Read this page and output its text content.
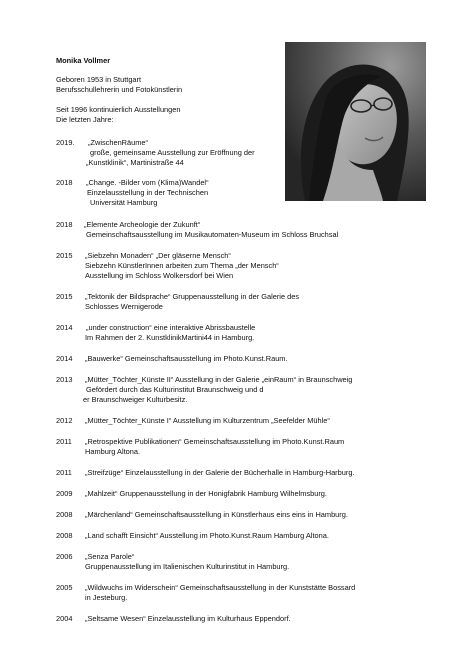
Monika Vollmer
Geboren 1953 in Stuttgart
Berufsschullehrerin und Fotokünstlerin
Seit 1996 kontinuierlich Ausstellungen
Die letzten Jahre:
2019. „ZwischenRäume“
große, gemeinsame Ausstellung zur Eröffnung der
„Kunstklinik“, Martinistraße 44
2018 „Change. -Bilder vom (Klima)Wandel“
Einzelausstellung in der Technischen
Universität Hamburg
2018 „Elemente Archeologie der Zukunft“
Gemeinschaftsausstellung im Musikautomaten-Museum im Schloss Bruchsal
2015 „Siebzehn Monaden“ „Der gläserne Mensch“
Siebzehn KünstlerInnen arbeiten zum Thema „der Mensch“
Ausstellung im Schloss Wolkersdorf bei Wien
2015 „Tektonik der Bildsprache“ Gruppenausstellung in der Galerie des
Schlosses Wernigerode
2014 „under construction“ eine interaktive Abrissbaustelle
Im Rahmen der 2. KunstklinikMartini44 in Hamburg.
2014 „Bauwerke“ Gemeinschaftsausstellung im Photo.Kunst.Raum.
2013 „Mütter_Töchter_Künste II“ Ausstellung in der Galerie „einRaum“ in Braunschweig
Gefördert durch das Kulturinstitut Braunschweig und d
er Braunschweiger Kulturbesitz.
2012 „Mütter_Töchter_Künste I“ Ausstellung im Kulturzentrum „Seefelder Mühle“
2011 „Retrospektive Publikationen“ Gemeinschaftsausstellung im Photo.Kunst.Raum
Hamburg Altona.
2011 „Streifzüge“ Einzelausstellung in der Galerie der Bücherhalle in Hamburg-Harburg.
2009 „Mahlzeit“ Gruppenausstellung in der Honigfabrik Hamburg Wilhelmsburg.
2008 „Märchenland“ Gemeinschaftsausstellung in Künstlerhaus eins eins in Hamburg.
2008 „Land schafft Einsicht“ Ausstellung im Photo.Kunst.Raum Hamburg Altona.
2006 „Senza Parole“
Gruppenausstellung im Italienischen Kulturinstitut in Hamburg.
2005 „Wildwuchs im Widerschein“ Gemeinschaftsausstellung in der Kunststätte Bossard
in Jesteburg.
2004 „Seltsame Wesen“ Einzelausstellung im Kulturhaus Eppendorf.
